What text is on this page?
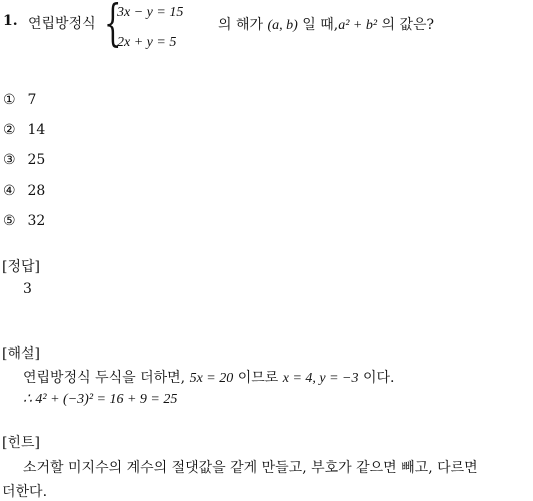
1. 연립방정식 {
3x − y = 15
2x + y = 5
의 해가 (a, b) 일 때,a² + b² 의 값은?
① 7
② 14
③ 25
④ 28
⑤ 32
[정답]
3
[해설]
연립방정식 두식을 더하면, 5x = 20 이므로 x = 4, y = −3 이다.
∴ 4² + (−3)² = 16 + 9 = 25
[힌트]
소거할 미지수의 계수의 절댓값을 같게 만들고, 부호가 같으면 빼고, 다르면
더한다.
